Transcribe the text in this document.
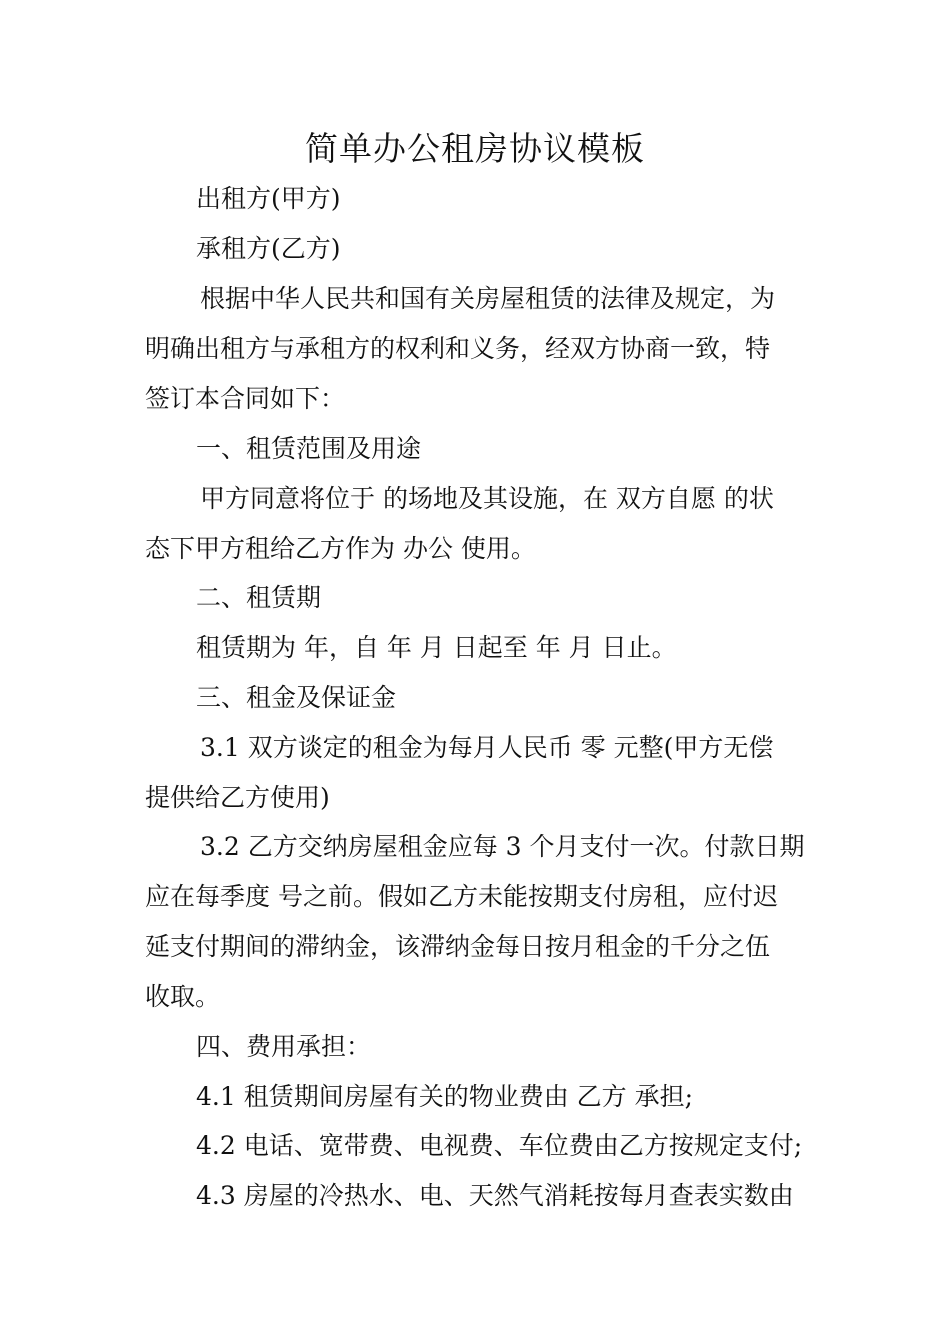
简单办公租房协议模板

出租方(甲方)

承租方(乙方)

根据中华人民共和国有关房屋租赁的法律及规定，为

明确出租方与承租方的权利和义务，经双方协商一致，特

签订本合同如下：

一、租赁范围及用途

甲方同意将位于 的场地及其设施，在 双方自愿 的状

态下甲方租给乙方作为 办公 使用。

二、租赁期

租赁期为 年，自 年 月 日起至 年 月 日止。

三、租金及保证金

3.1 双方谈定的租金为每月人民币 零 元整(甲方无偿

提供给乙方使用)

3.2 乙方交纳房屋租金应每 3 个月支付一次。付款日期

应在每季度 号之前。假如乙方未能按期支付房租，应付迟

延支付期间的滞纳金，该滞纳金每日按月租金的千分之伍

收取。

四、费用承担：

4.1 租赁期间房屋有关的物业费由 乙方 承担;

4.2 电话、宽带费、电视费、车位费由乙方按规定支付;

4.3 房屋的冷热水、电、天然气消耗按每月查表实数由
